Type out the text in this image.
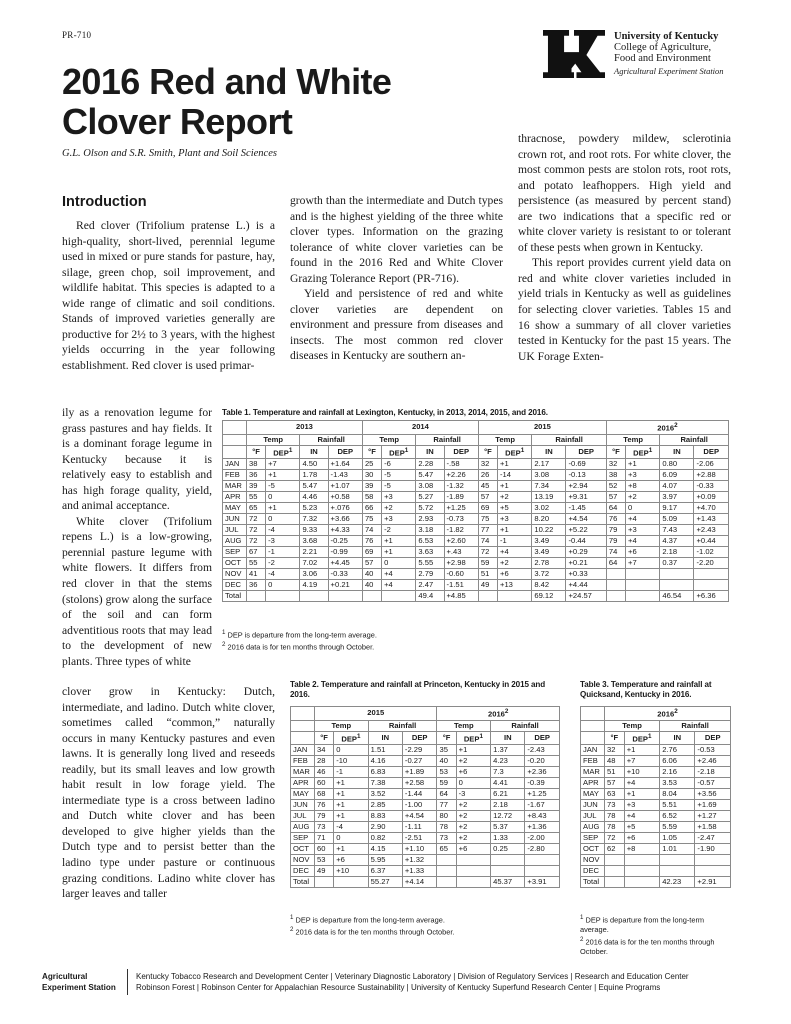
PR-710
2016 Red and White Clover Report
G.L. Olson and S.R. Smith, Plant and Soil Sciences
University of Kentucky
College of Agriculture,
Food and Environment
Agricultural Experiment Station
Introduction

Red clover (Trifolium pratense L.) is a high-quality, short-lived, perennial legume used in mixed or pure stands for pasture, hay, silage, green chop, soil improvement, and wildlife habitat. This species is adapted to a wide range of climatic and soil conditions. Stands of improved varieties generally are productive for 2½ to 3 years, with the highest yields occurring in the year following establishment. Red clover is used primar-

ily as a renovation legume for grass pastures and hay fields. It is a dominant forage legume in Kentucky because it is relatively easy to establish and has high forage quality, yield, and animal acceptance.

White clover (Trifolium repens L.) is a low-growing, perennial pasture legume with white flowers. It differs from red clover in that the stems (stolons) grow along the surface of the soil and can form adventitious roots that may lead to the development of new plants. Three types of white

clover grow in Kentucky: Dutch, intermediate, and ladino. Dutch white clover, sometimes called “common,” naturally occurs in many Kentucky pastures and even lawns. It is generally long lived and reseeds readily, but its small leaves and low growth habit result in low forage yield. The intermediate type is a cross between ladino and Dutch white clover and has been developed to give higher yields than the Dutch type and to persist better than the ladino type under pasture or continuous grazing conditions. Ladino white clover has larger leaves and taller

growth than the intermediate and Dutch types and is the highest yielding of the three white clover types. Information on the grazing tolerance of white clover varieties can be found in the 2016 Red and White Clover Grazing Tolerance Report (PR-716).

Yield and persistence of red and white clover varieties are dependent on environment and pressure from diseases and insects. The most common red clover diseases in Kentucky are southern an-

thracnose, powdery mildew, sclerotinia crown rot, and root rots. For white clover, the most common pests are stolon rots, root rots, and potato leafhoppers. High yield and persistence (as measured by percent stand) are two indications that a specific red or white clover variety is resistant to or tolerant of these pests when grown in Kentucky.

This report provides current yield data on red and white clover varieties included in yield trials in Kentucky as well as guidelines for selecting clover varieties. Tables 15 and 16 show a summary of all clover varieties tested in Kentucky for the past 15 years. The UK Forage Exten-

Table 1. Temperature and rainfall at Lexington, Kentucky, in 2013, 2014, 2015, and 2016.
	2013				2014				2015				2016$^2$
	Temp		Rainfall		Temp		Rainfall		Temp		Rainfall		Temp		Rainfall	
	°F	DEP$^1$	IN	DEP	°F	DEP$^1$	IN	DEP	°F	DEP$^1$	IN	DEP	°F	DEP$^1$	IN	DEP
JAN	38	+7	4.50	+1.64	25	-6	2.28	-.58	32	+1	2.17	-0.69	32	+1	0.80	-2.06
FEB	36	+1	1.78	-1.43	30	-5	5.47	+2.26	26	-14	3.08	-0.13	38	+3	6.09	+2.88
MAR	39	-5	5.47	+1.07	39	-5	3.08	-1.32	45	+1	7.34	+2.94	52	+8	4.07	-0.33
APR	55	0	4.46	+0.58	58	+3	5.27	-1.89	57	+2	13.19	+9.31	57	+2	3.97	+0.09
MAY	65	+1	5.23	+.076	66	+2	5.72	+1.25	69	+5	3.02	-1.45	64	0	9.17	+4.70
JUN	72	0	7.32	+3.66	75	+3	2.93	-0.73	75	+3	8.20	+4.54	76	+4	5.09	+1.43
JUL	72	-4	9.33	+4.33	74	-2	3.18	-1.82	77	+1	10.22	+5.22	79	+3	7.43	+2.43
AUG	72	-3	3.68	-0.25	76	+1	6.53	+2.60	74	-1	3.49	-0.44	79	+4	4.37	+0.44
SEP	67	-1	2.21	-0.99	69	+1	3.63	+.43	72	+4	3.49	+0.29	74	+6	2.18	-1.02
OCT	55	-2	7.02	+4.45	57	0	5.55	+2.98	59	+2	2.78	+0.21	64	+7	0.37	-2.20
NOV	41	-4	3.06	-0.33	40	+4	2.79	-0.60	51	+6	3.72	+0.33				
DEC	36	0	4.19	+0.21	40	+4	2.47	-1.51	49	+13	8.42	+4.44				
Total							49.4	+4.85			69.12	+24.57			46.54	+6.36
$^1$ DEP is departure from the long-term average.
$^2$ 2016 data is for ten months through October.
Table 2. Temperature and rainfall at Princeton, Kentucky in 2015 and 2016.
	2015				2016$^2$
	Temp		Rainfall		Temp		Rainfall	
	°F	DEP$^1$	IN	DEP	°F	DEP$^1$	IN	DEP
JAN	34	0	1.51	-2.29	35	+1	1.37	-2.43
FEB	28	-10	4.16	-0.27	40	+2	4.23	-0.20
MAR	46	-1	6.83	+1.89	53	+6	7.3	+2.36
APR	60	+1	7.38	+2.58	59	0	4.41	-0.39
MAY	68	+1	3.52	-1.44	64	-3	6.21	+1.25
JUN	76	+1	2.85	-1.00	77	+2	2.18	-1.67
JUL	79	+1	8.83	+4.54	80	+2	12.72	+8.43
AUG	73	-4	2.90	-1.11	78	+2	5.37	+1.36
SEP	71	0	0.82	-2.51	73	+2	1.33	-2.00
OCT	60	+1	4.15	+1.10	65	+6	0.25	-2.80
NOV	53	+6	5.95	+1.32				
DEC	49	+10	6.37	+1.33				
Total			55.27	+4.14			45.37	+3.91
$^1$ DEP is departure from the long-term average.
$^2$ 2016 data is for the ten months through October.
Table 3. Temperature and rainfall at Quicksand, Kentucky in 2016.
	2016$^2$
	Temp		Rainfall	
	°F	DEP$^1$	IN	DEP
JAN	32	+1	2.76	-0.53
FEB	48	+7	6.06	+2.46
MAR	51	+10	2.16	-2.18
APR	57	+4	3.53	-0.57
MAY	63	+1	8.04	+3.56
JUN	73	+3	5.51	+1.69
JUL	78	+4	6.52	+1.27
AUG	78	+5	5.59	+1.58
SEP	72	+6	1.05	-2.47
OCT	62	+8	1.01	-1.90
NOV				
DEC				
Total			42.23	+2.91
$^1$ DEP is departure from the long-term average.
$^2$ 2016 data is for the ten months through October.
Agricultural
Experiment Station
Kentucky Tobacco Research and Development Center | Veterinary Diagnostic Laboratory | Division of Regulatory Services | Research and Education Center
Robinson Forest | Robinson Center for Appalachian Resource Sustainability | University of Kentucky Superfund Research Center | Equine Programs
